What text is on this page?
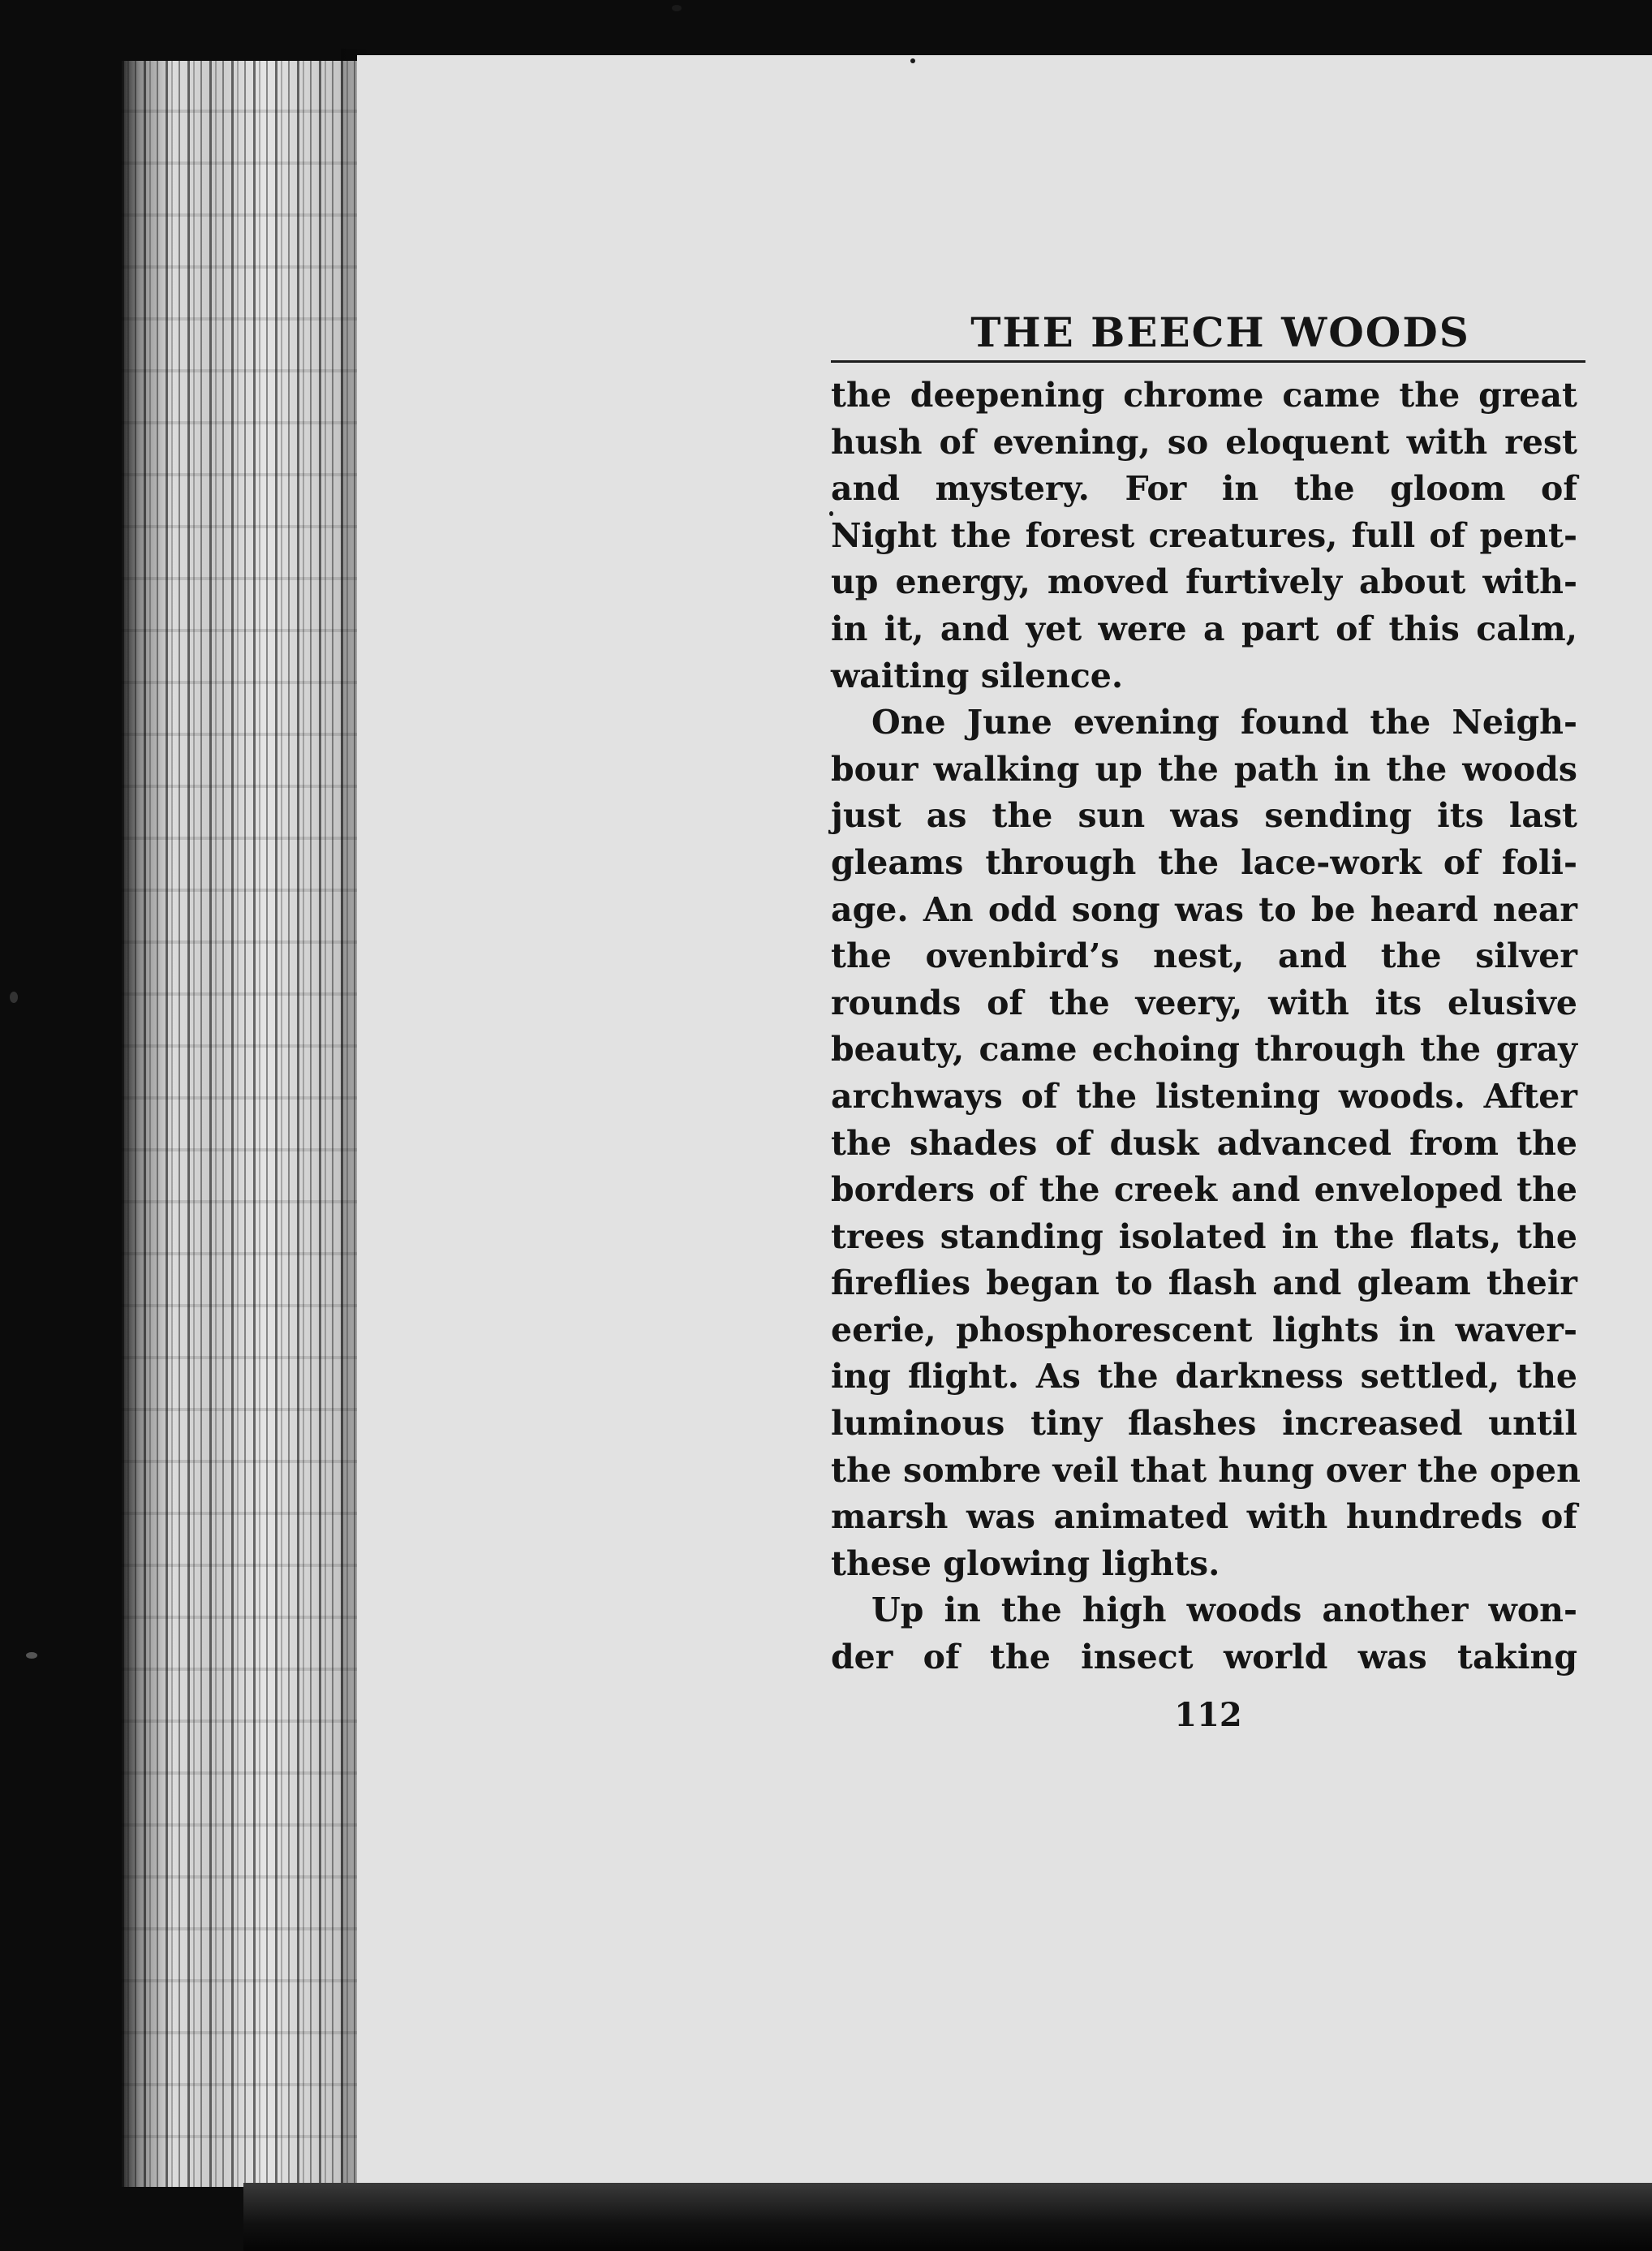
THE BEECH WOODS
the deepening chrome came the great
hush of evening, so eloquent with rest
and mystery. For in the gloom of
Night the forest creatures, full of pent-
up energy, moved furtively about with-
in it, and yet were a part of this calm,
waiting silence.
One June evening found the Neigh-
bour walking up the path in the woods
just as the sun was sending its last
gleams through the lace-work of foli-
age. An odd song was to be heard near
the ovenbird’s nest, and the silver
rounds of the veery, with its elusive
beauty, came echoing through the gray
archways of the listening woods. After
the shades of dusk advanced from the
borders of the creek and enveloped the
trees standing isolated in the flats, the
fireflies began to flash and gleam their
eerie, phosphorescent lights in waver-
ing flight. As the darkness settled, the
luminous tiny flashes increased until
the sombre veil that hung over the open
marsh was animated with hundreds of
these glowing lights.
Up in the high woods another won-
der of the insect world was taking
112
